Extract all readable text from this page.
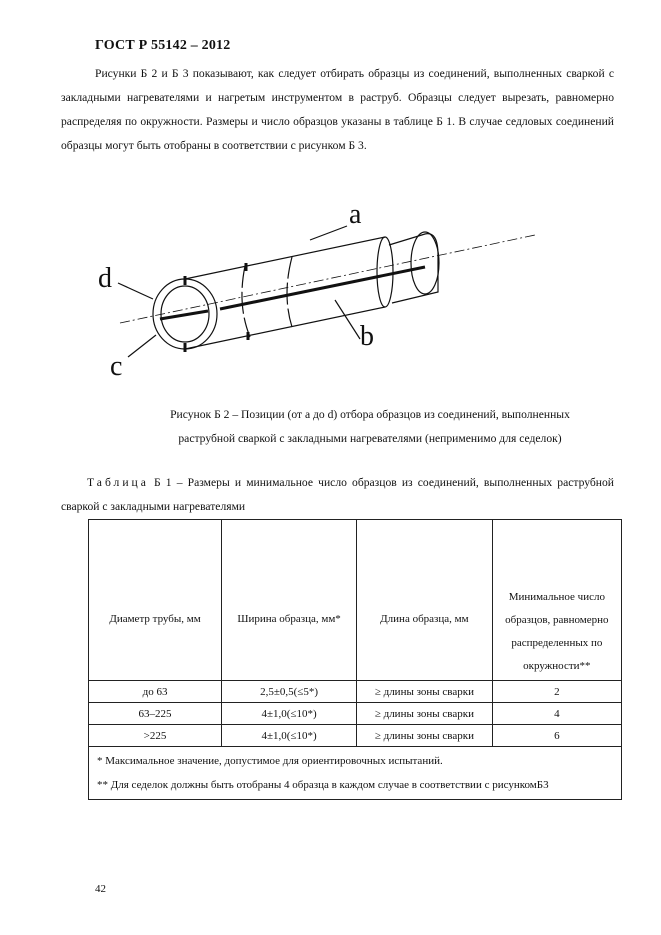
ГОСТ Р 55142 – 2012

Рисунки Б 2 и Б 3 показывают, как следует отбирать образцы из соединений, выполненных сваркой с закладными нагревателями и нагретым инструментом в раструб. Образцы следует вырезать, равномерно распределяя по окружности. Размеры и число образцов указаны в таблице Б 1. В случае седловых соединений образцы могут быть отобраны в соответствии с рисунком Б 3.

a
b
c
d

Рисунок Б 2 – Позиции (от а до d) отбора образцов из соединений, выполненных

раструбной сваркой с закладными нагревателями (неприменимо для седелок)

Таблица Б 1 – Размеры и минимальное число образцов из соединений, выполненных раструбной сваркой с закладными нагревателями

Диаметр трубы, мм	Ширина образца, мм*	Длина образца, мм	Минимальное число образцов, равномерно распределенных по окружности**
до 63	2,5±0,5(≤5*)	≥ длины зоны сварки	2
63–225	4±1,0(≤10*)	≥ длины зоны сварки	4
>225	4±1,0(≤10*)	≥ длины зоны сварки	6

* Максимальное значение, допустимое для ориентировочных испытаний.

** Для седелок должны быть отобраны 4 образца в каждом случае в соответствии с рисункомБ3			

42
